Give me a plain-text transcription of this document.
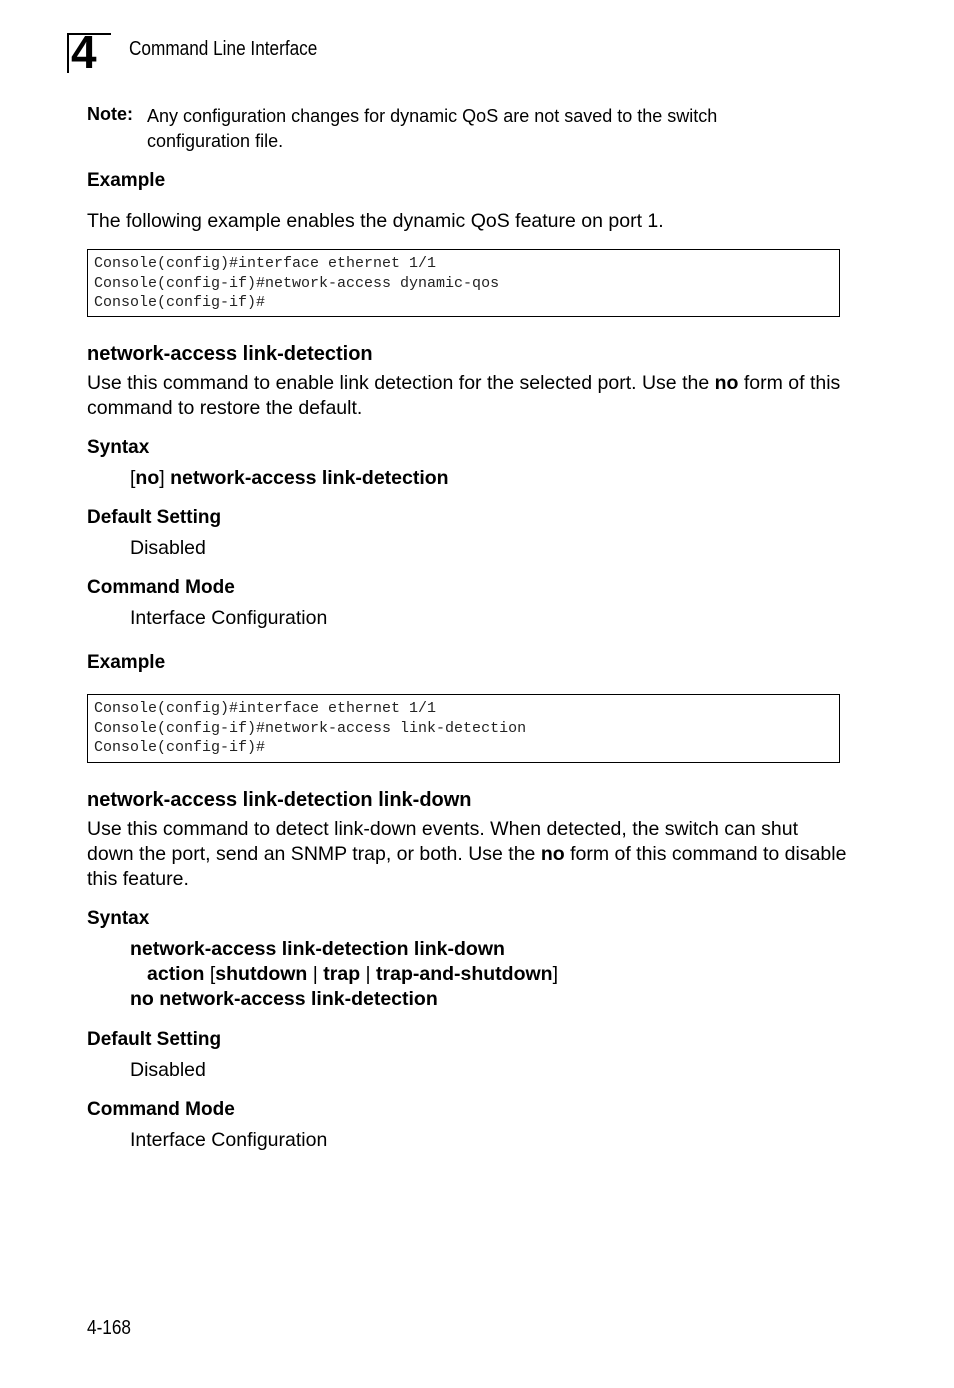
4 Command Line Interface
Note: Any configuration changes for dynamic QoS are not saved to the switch configuration file.
Example
The following example enables the dynamic QoS feature on port 1.
Console(config)#interface ethernet 1/1
Console(config-if)#network-access dynamic-qos
Console(config-if)#
network-access link-detection
Use this command to enable link detection for the selected port. Use the no form of this command to restore the default.
Syntax
[no] network-access link-detection
Default Setting
Disabled
Command Mode
Interface Configuration
Example
Console(config)#interface ethernet 1/1
Console(config-if)#network-access link-detection
Console(config-if)#
network-access link-detection link-down
Use this command to detect link-down events. When detected, the switch can shut down the port, send an SNMP trap, or both. Use the no form of this command to disable this feature.
Syntax
network-access link-detection link-down
action [shutdown | trap | trap-and-shutdown]
no network-access link-detection
Default Setting
Disabled
Command Mode
Interface Configuration
4-168
